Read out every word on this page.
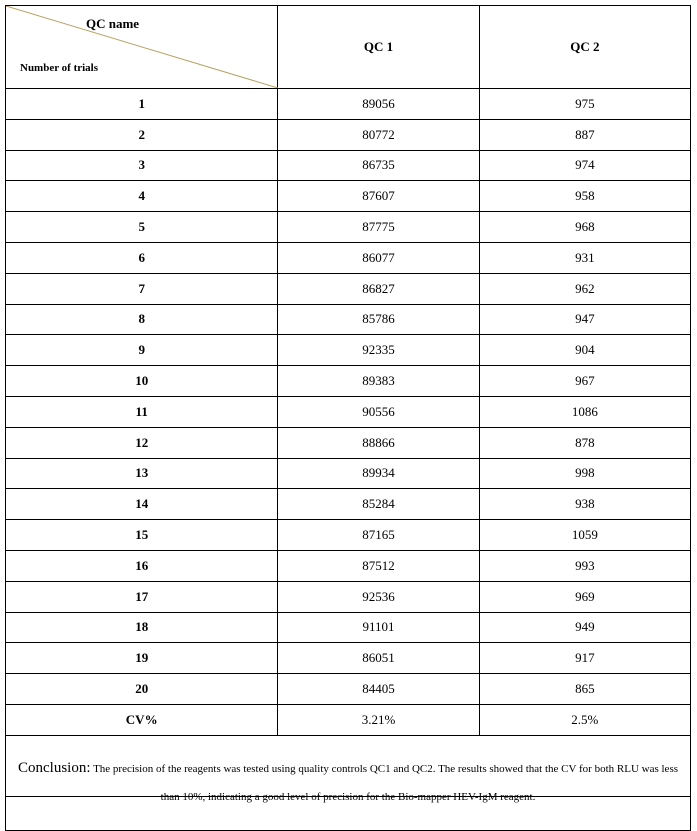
QC name
Number of trials	QC 1	QC 2
1	89056	975
2	80772	887
3	86735	974
4	87607	958
5	87775	968
6	86077	931
7	86827	962
8	85786	947
9	92335	904
10	89383	967
11	90556	1086
12	88866	878
13	89934	998
14	85284	938
15	87165	1059
16	87512	993
17	92536	969
18	91101	949
19	86051	917
20	84405	865
CV%	3.21%	2.5%
Conclusion: The precision of the reagents was tested using quality controls QC1 and QC2. The results showed that the CV for both RLU was less than 10%, indicating a good level of precision for the Bio-mapper HEV-IgM reagent.		
